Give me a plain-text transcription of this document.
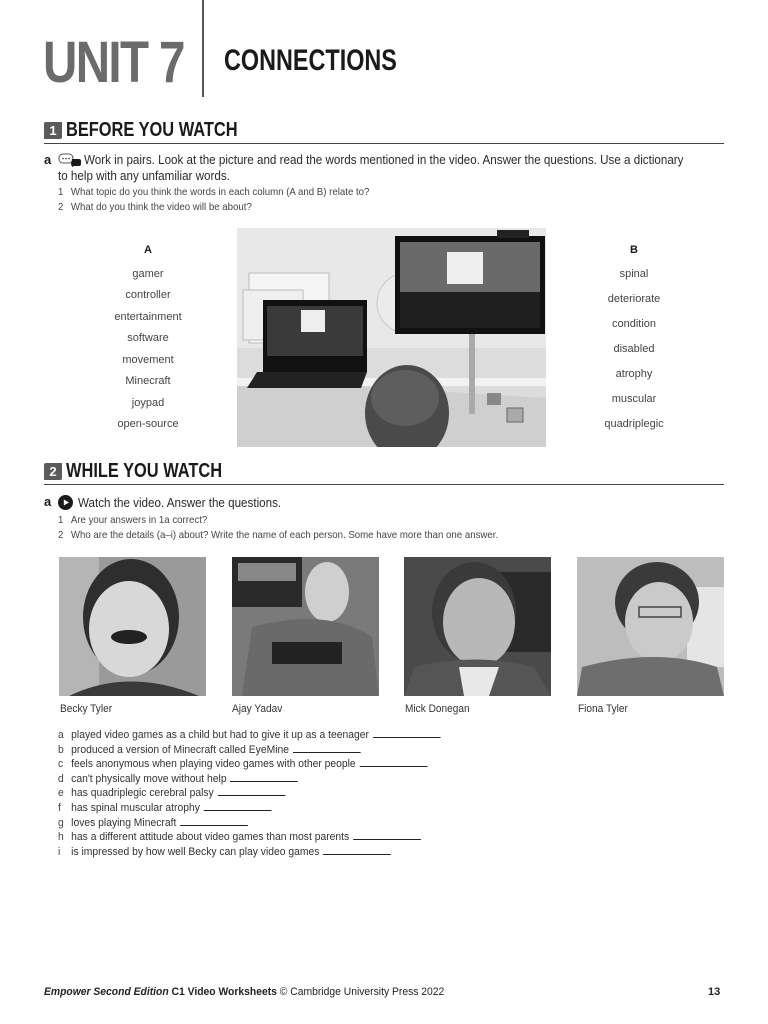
UNIT 7 CONNECTIONS
1 BEFORE YOU WATCH
a	Work in pairs. Look at the picture and read the words mentioned in the video. Answer the questions. Use a dictionary to help with any unfamiliar words.
1 What topic do you think the words in each column (A and B) relate to?
2 What do you think the video will be about?
A
gamer
controller
entertainment
software
movement
Minecraft
joypad
open-source
B
spinal
deteriorate
condition
disabled
atrophy
muscular
quadriplegic
2 WHILE YOU WATCH
a Watch the video. Answer the questions.
1 Are your answers in 1a correct?
2 Who are the details (a–i) about? Write the name of each person. Some have more than one answer.
Becky Tyler	Ajay Yadav	Mick Donegan	Fiona Tyler
a played video games as a child but had to give it up as a teenager
b produced a version of Minecraft called EyeMine
c feels anonymous when playing video games with other people
d can't physically move without help
e has quadriplegic cerebral palsy
f has spinal muscular atrophy
g loves playing Minecraft
h has a different attitude about video games than most parents
i is impressed by how well Becky can play video games
Empower Second Edition C1 Video Worksheets © Cambridge University Press 2022	13
